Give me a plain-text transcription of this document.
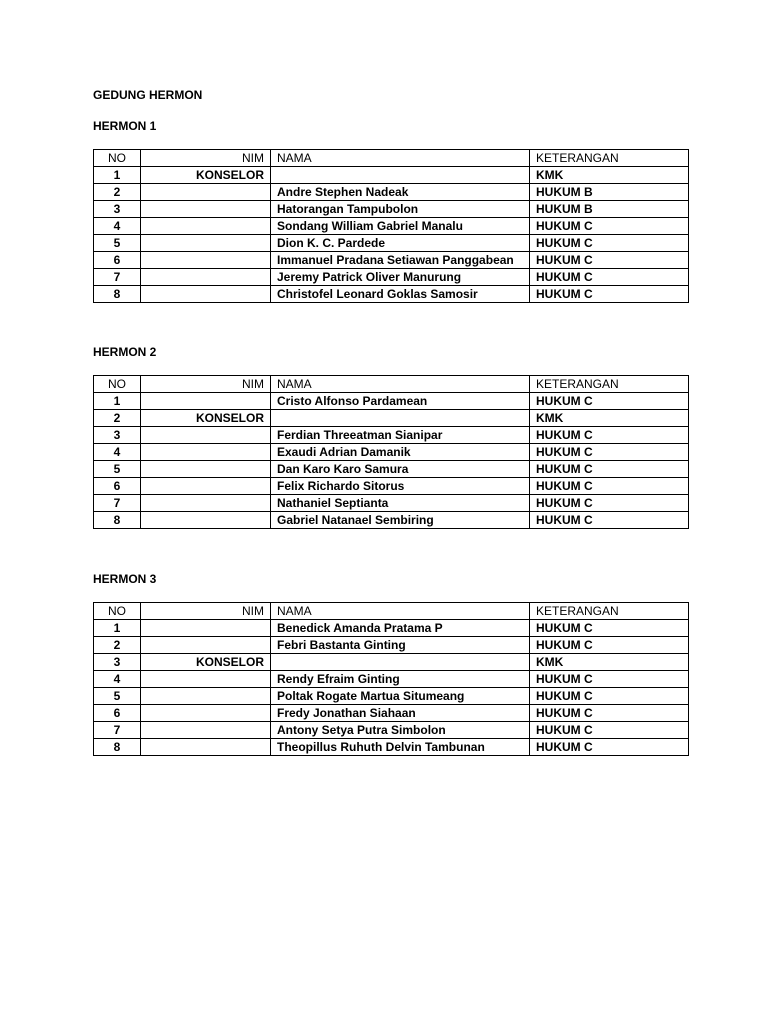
GEDUNG HERMON
HERMON 1
NO	NIM	NAMA	KETERANGAN
1	KONSELOR		KMK
2		Andre Stephen Nadeak	HUKUM B
3		Hatorangan Tampubolon	HUKUM B
4		Sondang William Gabriel Manalu	HUKUM C
5		Dion K. C. Pardede	HUKUM C
6		Immanuel Pradana Setiawan Panggabean	HUKUM C
7		Jeremy Patrick Oliver Manurung	HUKUM C
8		Christofel Leonard Goklas Samosir	HUKUM C
HERMON 2
NO	NIM	NAMA	KETERANGAN
1		Cristo Alfonso Pardamean	HUKUM C
2	KONSELOR		KMK
3		Ferdian Threeatman Sianipar	HUKUM C
4		Exaudi Adrian Damanik	HUKUM C
5		Dan Karo Karo Samura	HUKUM C
6		Felix Richardo Sitorus	HUKUM C
7		Nathaniel Septianta	HUKUM C
8		Gabriel Natanael Sembiring	HUKUM C
HERMON 3
NO	NIM	NAMA	KETERANGAN
1		Benedick Amanda Pratama P	HUKUM C
2		Febri Bastanta Ginting	HUKUM C
3	KONSELOR		KMK
4		Rendy Efraim Ginting	HUKUM C
5		Poltak Rogate Martua Situmeang	HUKUM C
6		Fredy Jonathan Siahaan	HUKUM C
7		Antony Setya Putra Simbolon	HUKUM C
8		Theopillus Ruhuth Delvin Tambunan	HUKUM C
